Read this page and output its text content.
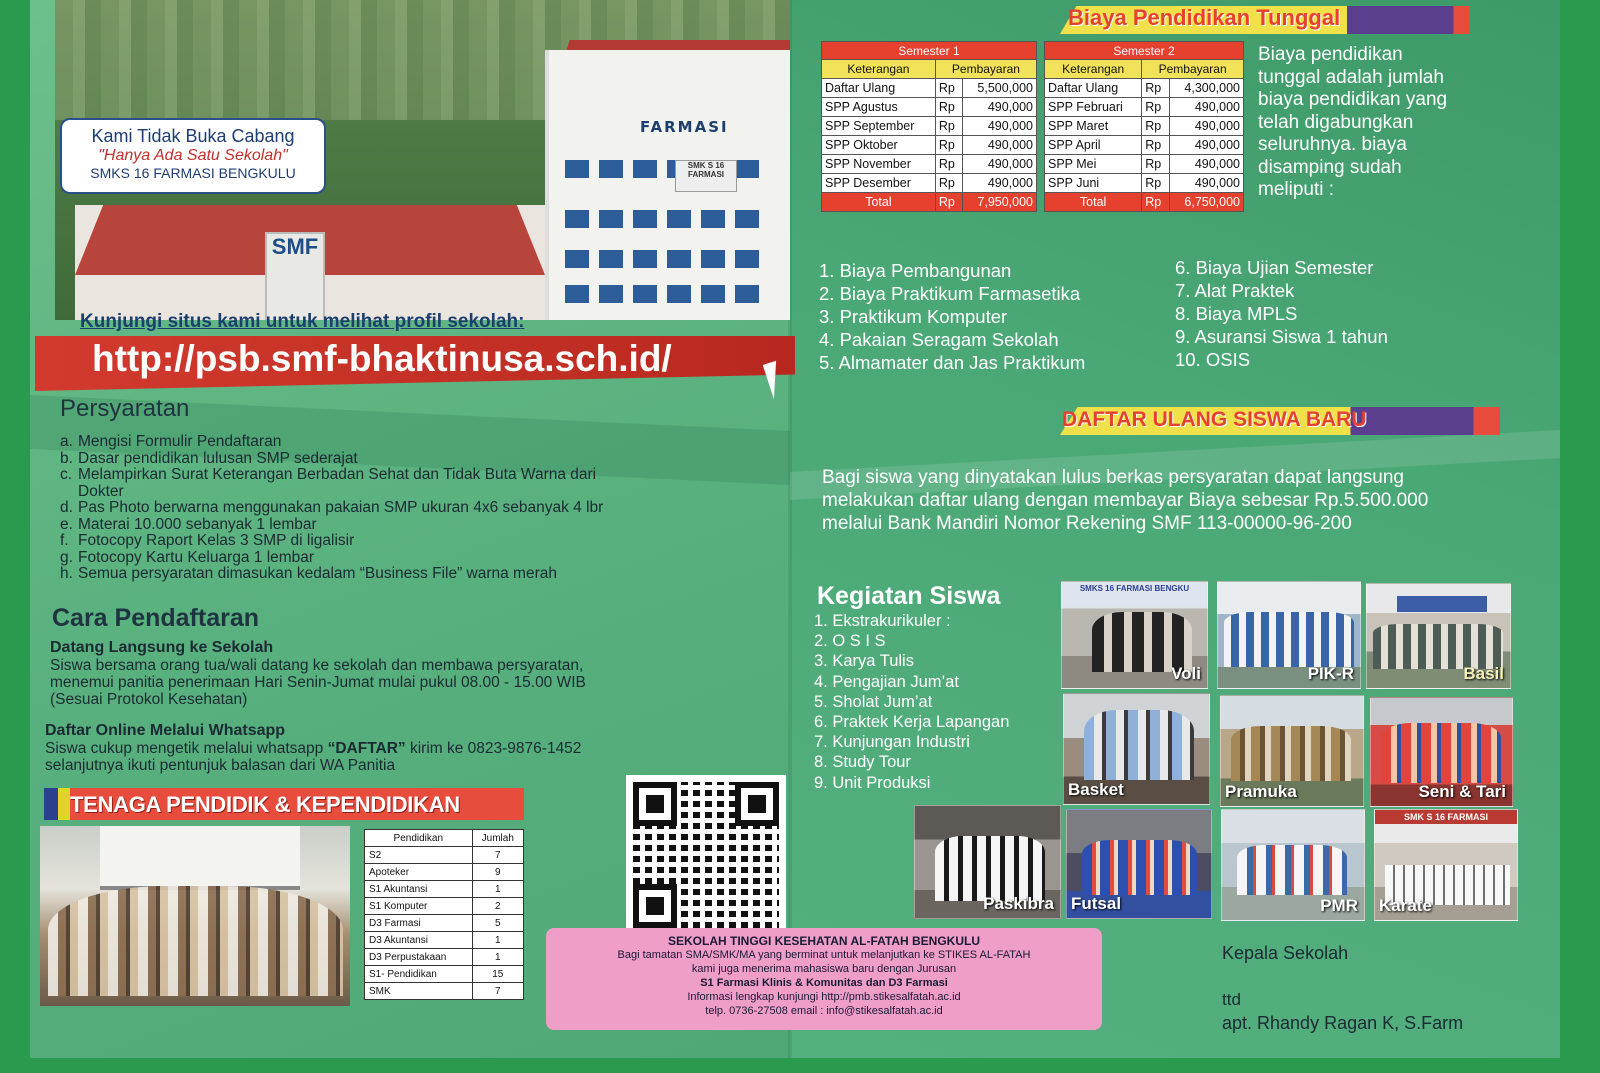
FARMASI
SMK S 16
FARMASI
SMF
Kami Tidak Buka Cabang
"Hanya Ada Satu Sekolah"
SMKS 16 FARMASI BENGKULU
Kunjungi situs kami untuk melihat profil sekolah:
http://psb.smf-bhaktinusa.sch.id/
Persyaratan
a. Mengisi Formulir Pendaftaran
b. Dasar pendidikan lulusan SMP sederajat
c. Melampirkan Surat Keterangan Berbadan Sehat dan Tidak Buta Warna dari
Dokter
d. Pas Photo berwarna menggunakan pakaian SMP ukuran 4x6 sebanyak 4 lbr
e. Materai 10.000 sebanyak 1 lembar
f. Fotocopy Raport Kelas 3 SMP di ligalisir
g. Fotocopy Kartu Keluarga 1 lembar
h. Semua persyaratan dimasukan kedalam “Business File” warna merah
Cara Pendaftaran
Datang Langsung ke Sekolah
Siswa bersama orang tua/wali datang ke sekolah dan membawa persyaratan,
menemui panitia penerimaan Hari Senin-Jumat mulai pukul 08.00 - 15.00 WIB
(Sesuai Protokol Kesehatan)
Daftar Online Melalui Whatsapp
Siswa cukup mengetik melalui whatsapp “DAFTAR” kirim ke 0823-9876-1452
selanjutnya ikuti pentunjuk balasan dari WA Panitia
TENAGA PENDIDIK & KEPENDIDIKAN
Pendidikan	Jumlah
S2	7
Apoteker	9
S1 Akuntansi	1
S1 Komputer	2
D3 Farmasi	5
D3 Akuntansi	1
D3 Perpustakaan	1
S1- Pendidikan	15
SMK	7
SEKOLAH TINGGI KESEHATAN AL-FATAH BENGKULU
Bagi tamatan SMA/SMK/MA yang berminat untuk melanjutkan ke STIKES AL-FATAH
kami juga menerima mahasiswa baru dengan Jurusan
S1 Farmasi Klinis & Komunitas dan D3 Farmasi
Informasi lengkap kunjungi http://pmb.stikesalfatah.ac.id
telp. 0736-27508 email : info@stikesalfatah.ac.id
Biaya Pendidikan Tunggal
Semester 1		
Keterangan	Pembayaran	
Daftar Ulang	Rp	5,500,000
SPP Agustus	Rp	490,000
SPP September	Rp	490,000
SPP Oktober	Rp	490,000
SPP November	Rp	490,000
SPP Desember	Rp	490,000
Total	Rp	7,950,000
Semester 2		
Keterangan	Pembayaran	
Daftar Ulang	Rp	4,300,000
SPP Februari	Rp	490,000
SPP Maret	Rp	490,000
SPP April	Rp	490,000
SPP Mei	Rp	490,000
SPP Juni	Rp	490,000
Total	Rp	6,750,000
Biaya pendidikan
tunggal adalah jumlah
biaya pendidikan yang
telah digabungkan
seluruhnya. biaya
disamping sudah
meliputi :
1. Biaya Pembangunan
2. Biaya Praktikum Farmasetika
3. Praktikum Komputer
4. Pakaian Seragam Sekolah
5. Almamater dan Jas Praktikum
6. Biaya Ujian Semester
7. Alat Praktek
8. Biaya MPLS
9. Asuransi Siswa 1 tahun
10. OSIS
DAFTAR ULANG SISWA BARU
Bagi siswa yang dinyatakan lulus berkas persyaratan dapat langsung
melakukan daftar ulang dengan membayar Biaya sebesar Rp.5.500.000
melalui Bank Mandiri Nomor Rekening SMF 113-00000-96-200
Kegiatan Siswa
1. Ekstrakurikuler :
2. O S I S
3. Karya Tulis
4. Pengajian Jum’at
5. Sholat Jum’at
6. Praktek Kerja Lapangan
7. Kunjungan Industri
8. Study Tour
9. Unit Produksi
SMKS 16 FARMASI BENGKU
Voli	PIK-R	Basil
Basket	Pramuka	Seni & Tari
Paskibra Futsal	PMR
SMK S 16 FARMASI
Karate
Kepala Sekolah
ttd
apt. Rhandy Ragan K, S.Farm
